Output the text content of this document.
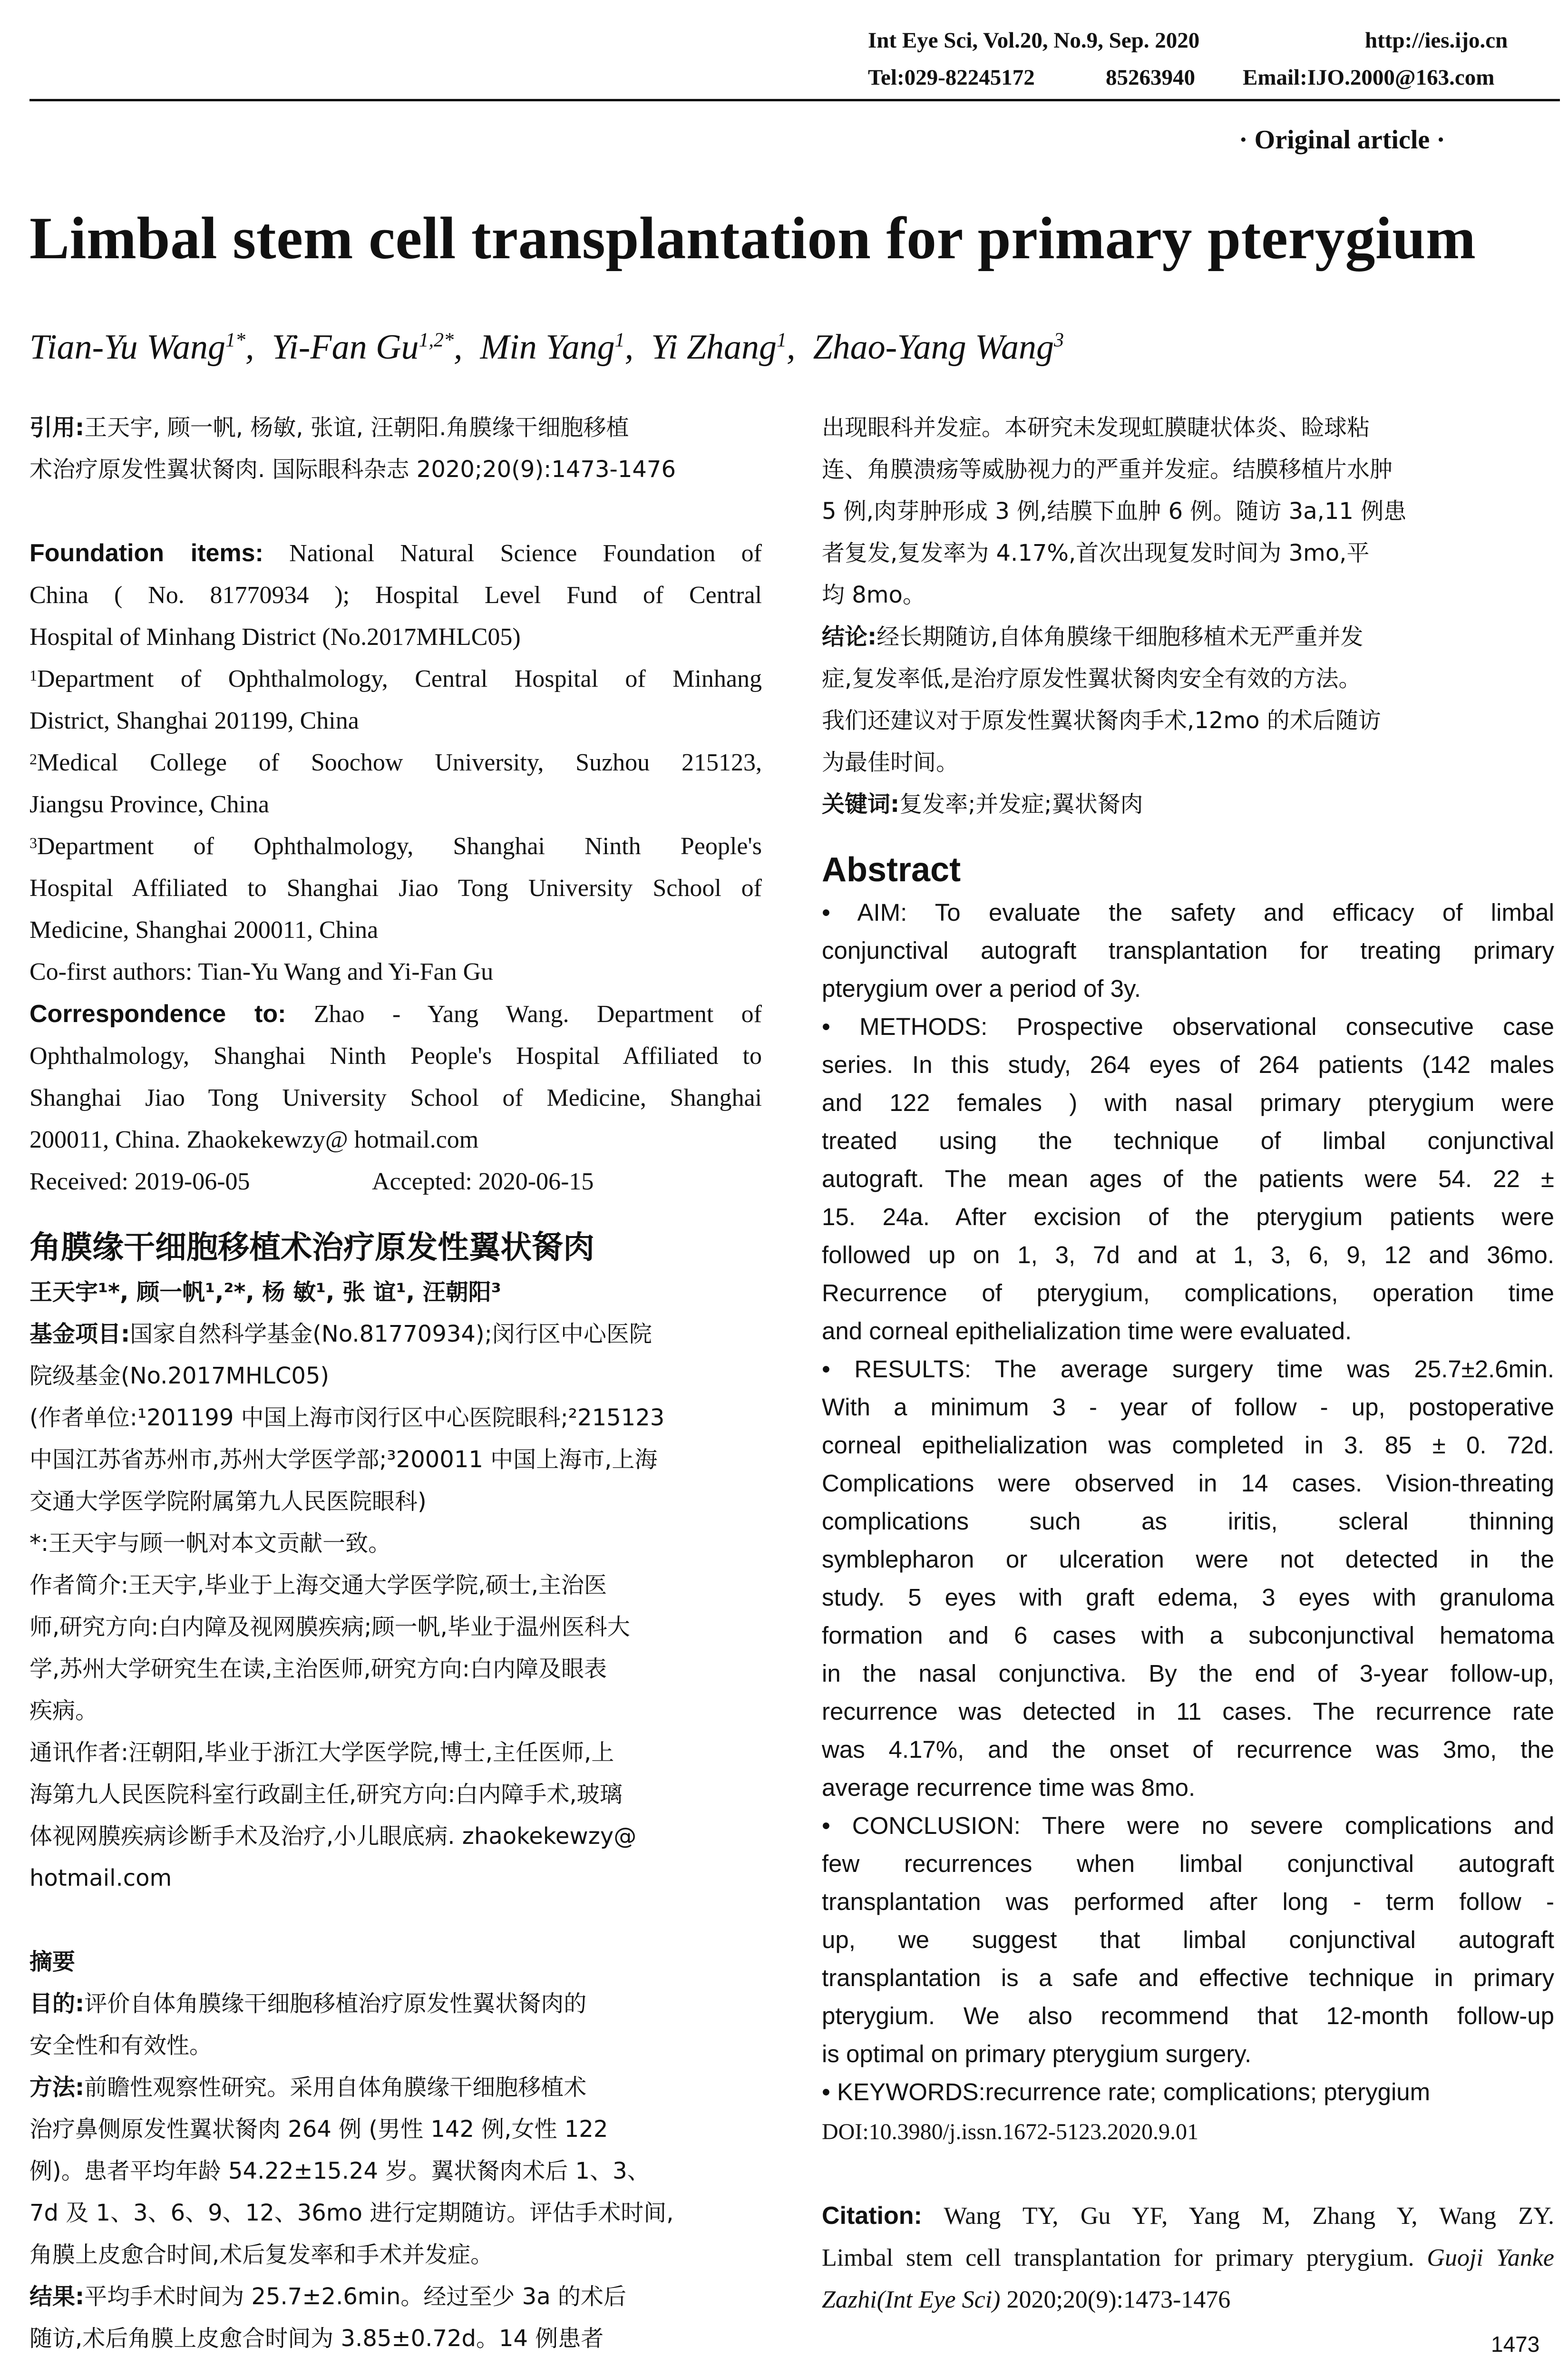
Int Eye Sci, Vol.20, No.9, Sep. 2020	http://ies.ijo.cn
Tel:029-82245172	85263940 Email:IJO.2000@163.com
· Original article ·
Limbal stem cell transplantation for primary pterygium
Tian-Yu Wang$^{1*}$,  Yi-Fan $Gu^{1,2*}$,  Min Yang$^1$,  Yi Zhang$^1$,  Zhao-Yang Wang$^3$

引用:王天宇, 顾一帆, 杨敏, 张谊, 汪朝阳.角膜缘干细胞移植

术治疗原发性翼状胬肉. 国际眼科杂志 2020;20(9):1473-1476

Foundation items: National Natural Science Foundation of

China ( No. 81770934 ); Hospital Level Fund of Central

Hospital of Minhang District (No.2017MHLC05)

$^1$Department of Ophthalmology, Central Hospital of Minhang

District, Shanghai 201199, China

$^2$Medical College of Soochow University, Suzhou 215123,

Jiangsu Province, China

$^3$Department of Ophthalmology, Shanghai Ninth People's

Hospital Affiliated to Shanghai Jiao Tong University School of

Medicine, Shanghai 200011, China

Co-first authors: Tian-Yu Wang and Yi-Fan Gu

Correspondence to: Zhao - Yang Wang. Department of

Ophthalmology, Shanghai Ninth People's Hospital Affiliated to

Shanghai Jiao Tong University School of Medicine, Shanghai

200011, China. Zhaokekewzy@ hotmail.com

Received: 2019-06-05	Accepted: 2020-06-15

角膜缘干细胞移植术治疗原发性翼状胬肉

王天宇¹*, 顾一帆¹,²*, 杨 敏¹, 张 谊¹, 汪朝阳³

基金项目:国家自然科学基金(No.81770934);闵行区中心医院

院级基金(No.2017MHLC05)

(作者单位:¹201199 中国上海市闵行区中心医院眼科;²215123

中国江苏省苏州市,苏州大学医学部;³200011 中国上海市,上海

交通大学医学院附属第九人民医院眼科)

*:王天宇与顾一帆对本文贡献一致。

作者简介:王天宇,毕业于上海交通大学医学院,硕士,主治医

师,研究方向:白内障及视网膜疾病;顾一帆,毕业于温州医科大

学,苏州大学研究生在读,主治医师,研究方向:白内障及眼表

疾病。

通讯作者:汪朝阳,毕业于浙江大学医学院,博士,主任医师,上

海第九人民医院科室行政副主任,研究方向:白内障手术,玻璃

体视网膜疾病诊断手术及治疗,小儿眼底病. zhaokekewzy@

hotmail.com

摘要

目的:评价自体角膜缘干细胞移植治疗原发性翼状胬肉的

安全性和有效性。

方法:前瞻性观察性研究。采用自体角膜缘干细胞移植术

治疗鼻侧原发性翼状胬肉 264 例 (男性 142 例,女性 122

例)。患者平均年龄 54.22±15.24 岁。翼状胬肉术后 1、3、

7d 及 1、3、6、9、12、36mo 进行定期随访。评估手术时间,

角膜上皮愈合时间,术后复发率和手术并发症。

结果:平均手术时间为 25.7±2.6min。经过至少 3a 的术后

随访,术后角膜上皮愈合时间为 3.85±0.72d。14 例患者

出现眼科并发症。本研究未发现虹膜睫状体炎、睑球粘

连、角膜溃疡等威胁视力的严重并发症。结膜移植片水肿

5 例,肉芽肿形成 3 例,结膜下血肿 6 例。随访 3a,11 例患

者复发,复发率为 4.17%,首次出现复发时间为 3mo,平

均 8mo。

结论:经长期随访,自体角膜缘干细胞移植术无严重并发

症,复发率低,是治疗原发性翼状胬肉安全有效的方法。

我们还建议对于原发性翼状胬肉手术,12mo 的术后随访

为最佳时间。

关键词:复发率;并发症;翼状胬肉

Abstract

• AIM: To evaluate the safety and efficacy of limbal

conjunctival autograft transplantation for treating primary

pterygium over a period of 3y.

• METHODS: Prospective observational consecutive case

series. In this study, 264 eyes of 264 patients (142 males

and 122 females ) with nasal primary pterygium were

treated using the technique of limbal conjunctival

autograft. The mean ages of the patients were 54. 22 ±

15. 24a. After excision of the pterygium patients were

followed up on 1, 3, 7d and at 1, 3, 6, 9, 12 and 36mo.

Recurrence of pterygium, complications, operation time

and corneal epithelialization time were evaluated.

• RESULTS: The average surgery time was 25.7±2.6min.

With a minimum 3 - year of follow - up, postoperative

corneal epithelialization was completed in 3. 85 ± 0. 72d.

Complications were observed in 14 cases. Vision-threating

complications such as iritis, scleral thinning

symblepharon or ulceration were not detected in the

study. 5 eyes with graft edema, 3 eyes with granuloma

formation and 6 cases with a subconjunctival hematoma

in the nasal conjunctiva. By the end of 3-year follow-up,

recurrence was detected in 11 cases. The recurrence rate

was 4.17%, and the onset of recurrence was 3mo, the

average recurrence time was 8mo.

• CONCLUSION: There were no severe complications and

few recurrences when limbal conjunctival autograft

transplantation was performed after long - term follow -

up, we suggest that limbal conjunctival autograft

transplantation is a safe and effective technique in primary

pterygium. We also recommend that 12-month follow-up

is optimal on primary pterygium surgery.

• KEYWORDS:recurrence rate; complications; pterygium

DOI:10.3980/j.issn.1672-5123.2020.9.01

Citation: Wang TY, Gu YF, Yang M, Zhang Y, Wang ZY.

Limbal stem cell transplantation for primary pterygium. Guoji Yanke

Zazhi(Int Eye Sci) 2020;20(9):1473-1476

1473
